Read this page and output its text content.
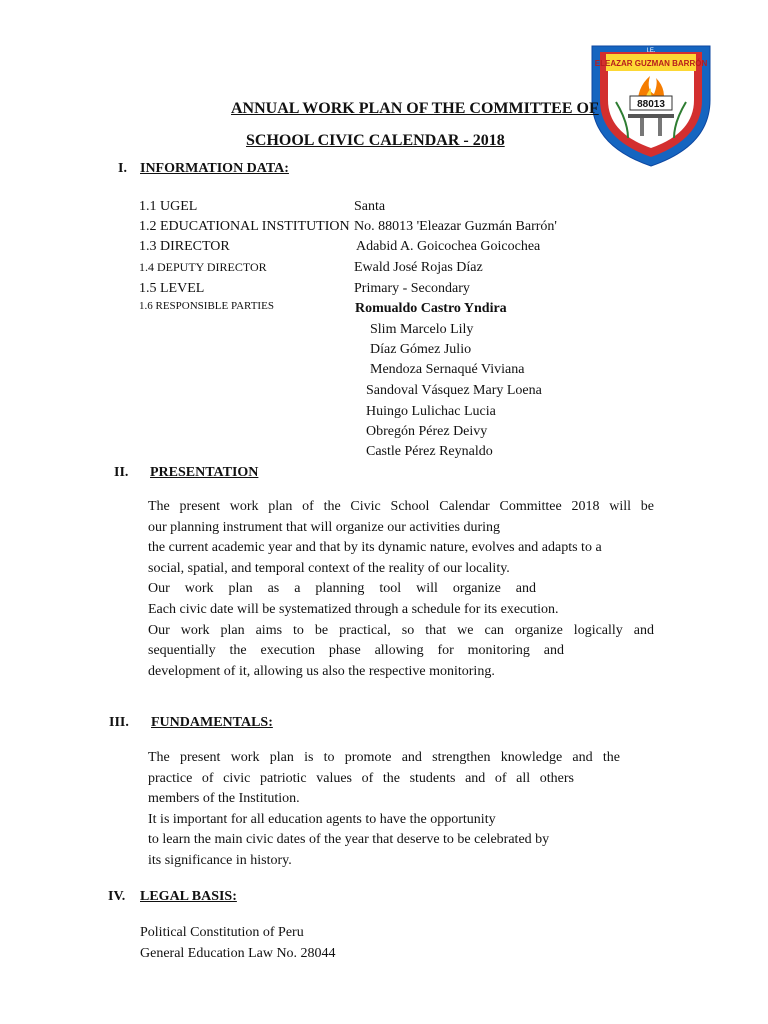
I.E.
ELEAZAR GUZMAN BARRÓN
88013
ANNUAL WORK PLAN OF THE COMMITTEE OF
SCHOOL CIVIC CALENDAR - 2018
I. INFORMATION DATA:
1.1 UGEL	Santa
1.2 EDUCATIONAL INSTITUTION No. 88013 'Eleazar Guzmán Barrón'
1.3 DIRECTOR	Adabid A. Goicochea Goicochea
1.4 DEPUTY DIRECTOR	Ewald José Rojas Díaz
1.5 LEVEL	Primary - Secondary
1.6 RESPONSIBLE PARTIES	Romualdo Castro Yndira
Slim Marcelo Lily
Díaz Gómez Julio
Mendoza Sernaqué Viviana
Sandoval Vásquez Mary Loena
Huingo Lulichac Lucia
Obregón Pérez Deivy
Castle Pérez Reynaldo
II. PRESENTATION
The present work plan of the Civic School Calendar Committee 2018 will be
our planning instrument that will organize our activities during
the current academic year and that by its dynamic nature, evolves and adapts to a
social, spatial, and temporal context of the reality of our locality.
Our work plan as a planning tool will organize and
Each civic date will be systematized through a schedule for its execution.
Our work plan aims to be practical, so that we can organize logically and
sequentially the execution phase allowing for monitoring and
development of it, allowing us also the respective monitoring.
III. FUNDAMENTALS:
The present work plan is to promote and strengthen knowledge and the
practice of civic patriotic values of the students and of all others
members of the Institution.
It is important for all education agents to have the opportunity
to learn the main civic dates of the year that deserve to be celebrated by
its significance in history.
IV. LEGAL BASIS:
Political Constitution of Peru
General Education Law No. 28044
